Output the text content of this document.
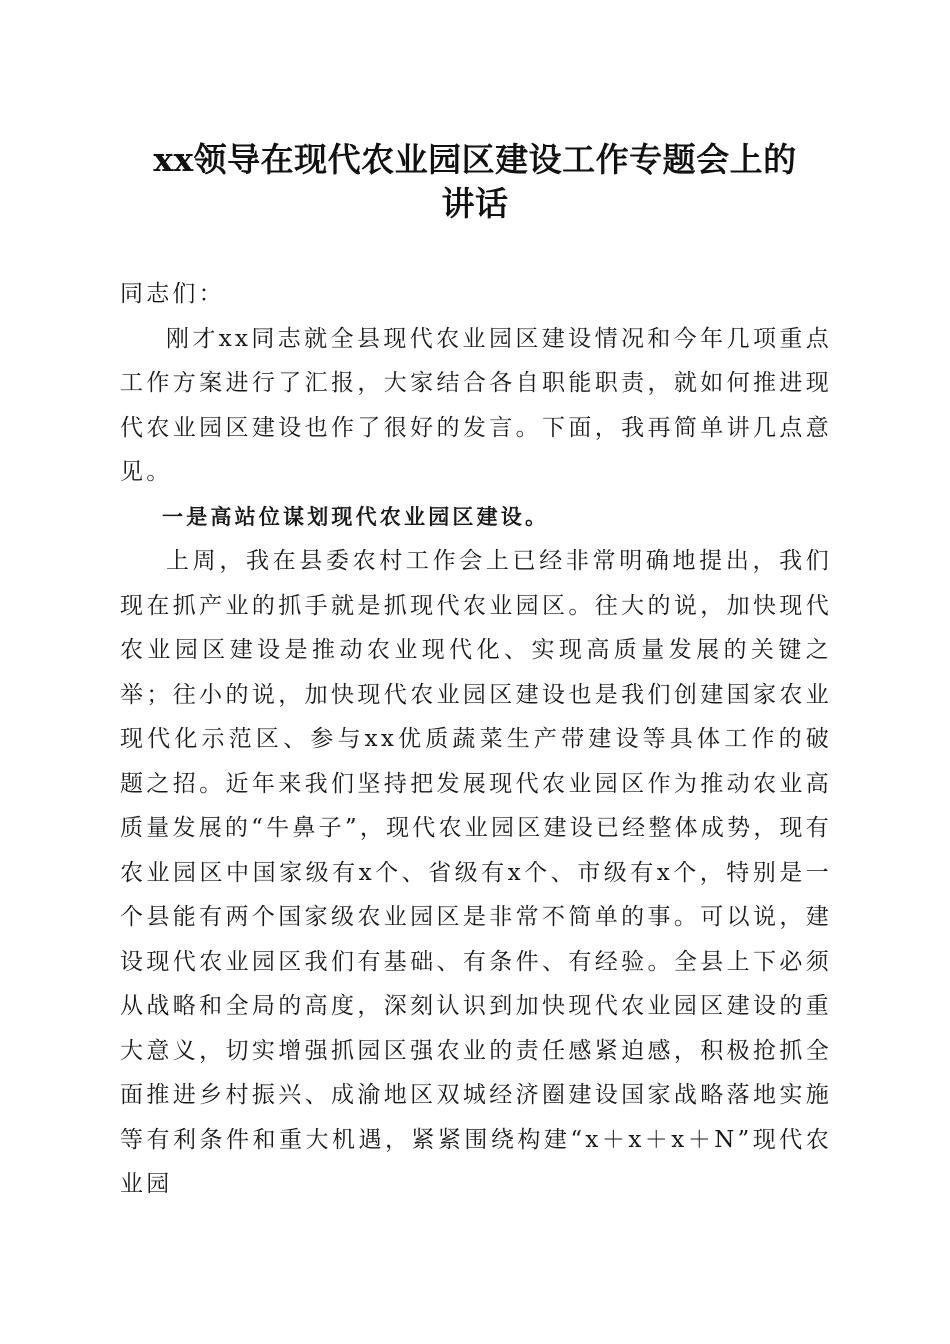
xx领导在现代农业园区建设工作专题会上的
讲话

同志们：

刚才xx同志就全县现代农业园区建设情况和今年几项重点工作方案进行了汇报，大家结合各自职能职责，就如何推进现代农业园区建设也作了很好的发言。下面，我再简单讲几点意见。

一是高站位谋划现代农业园区建设。

上周，我在县委农村工作会上已经非常明确地提出，我们现在抓产业的抓手就是抓现代农业园区。往大的说，加快现代农业园区建设是推动农业现代化、实现高质量发展的关键之举；往小的说，加快现代农业园区建设也是我们创建国家农业现代化示范区、参与xx优质蔬菜生产带建设等具体工作的破题之招。近年来我们坚持把发展现代农业园区作为推动农业高质量发展的“牛鼻子”，现代农业园区建设已经整体成势，现有农业园区中国家级有x个、省级有x个、市级有x个，特别是一个县能有两个国家级农业园区是非常不简单的事。可以说，建设现代农业园区我们有基础、有条件、有经验。全县上下必须从战略和全局的高度，深刻认识到加快现代农业园区建设的重大意义，切实增强抓园区强农业的责任感紧迫感，积极抢抓全面推进乡村振兴、成渝地区双城经济圈建设国家战略落地实施等有利条件和重大机遇，紧紧围绕构建“x＋x＋x＋N”现代农业园
